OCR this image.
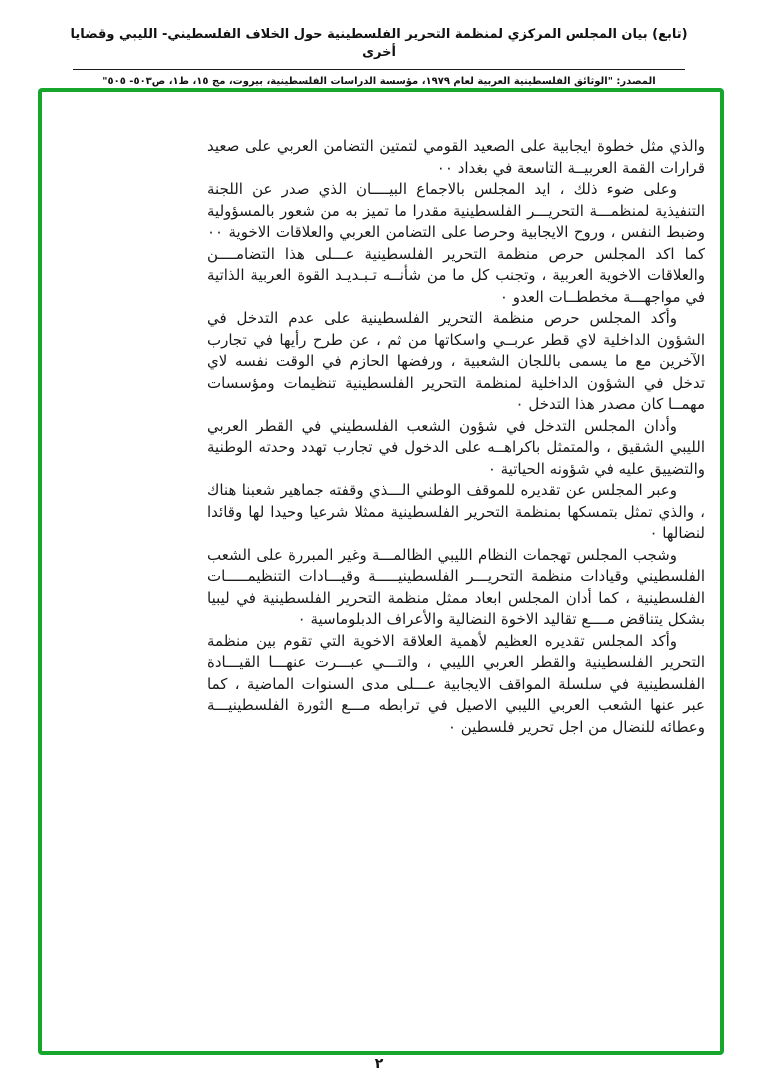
(تابع) بيان المجلس المركزي لمنظمة التحرير الفلسطينية حول الخلاف الفلسطيني- الليبي وقضايا أخرى
المصدر: "الوثائق الفلسطينية العربية لعام ١٩٧٩، مؤسسة الدراسات الفلسطينية، بيروت، مج ١٥، ط١، ص٥٠٣- ٥٠٥"

والذي مثل خطوة ايجابية على الصعيد القومي لتمتين التضامن العربي على صعيد قرارات القمة العربيــة التاسعة في بغداد ٠٠

وعلى ضوء ذلك ، ايد المجلس بالاجماع البيــــان الذي صدر عن اللجنة التنفيذية لمنظمـــة التحريـــر الفلسطينية مقدرا ما تميز به من شعور بالمسؤولية وضبط النفس ، وروح الايجابية وحرصا على التضامن العربي والعلاقات الاخوية ٠٠ كما اكد المجلس حرص منظمة التحرير الفلسطينية عـــلى هذا التضامــــن والعلاقات الاخوية العربية ، وتجنب كل ما من شأنــه تـبـديـد القوة العربية الذاتية في مواجهـــة مخططــات العدو ٠

وأكد المجلس حرص منظمة التحرير الفلسطينية على عدم التدخل في الشؤون الداخلية لاي قطر عربــي واسكاتها من ثم ، عن طرح رأيها في تجارب الآخرين مع ما يسمى باللجان الشعبية ، ورفضها الحازم في الوقت نفسه لاي تدخل في الشؤون الداخلية لمنظمة التحرير الفلسطينية تنظيمات ومؤسسات مهمــا كان مصدر هذا التدخل ٠

وأدان المجلس التدخل في شؤون الشعب الفلسطيني في القطر العربي الليبي الشقيق ، والمتمثل باكراهــه على الدخول في تجارب تهدد وحدته الوطنية والتضييق عليه في شؤونه الحياتية ٠

وعبر المجلس عن تقديره للموقف الوطني الـــذي وقفته جماهير شعبنا هناك ، والذي تمثل بتمسكها بمنظمة التحرير الفلسطينية ممثلا شرعيا وحيدا لها وقائدا لنضالها ٠

وشجب المجلس تهجمات النظام الليبي الظالمـــة وغير المبررة على الشعب الفلسطيني وقيادات منظمة التحريـــر الفلسطينيـــــة وقيـــادات التنظيمـــــات الفلسطينية ، كما أدان المجلس ابعاد ممثل منظمة التحرير الفلسطينية في ليبيا بشكل يتناقض مــــع تقاليد الاخوة النضالية والأعراف الدبلوماسية ٠

وأكد المجلس تقديره العظيم لأهمية العلاقة الاخوية التي تقوم بين منظمة التحرير الفلسطينية والقطر العربي الليبي ، والتـــي عبـــرت عنهـــا القيـــادة الفلسطينية في سلسلة المواقف الايجابية عـــلى مدى السنوات الماضية ، كما عبر عنها الشعب العربي الليبي الاصيل في ترابطه مـــع الثورة الفلسطينيـــة وعطائه للنضال من اجل تحرير فلسطين ٠

٢
